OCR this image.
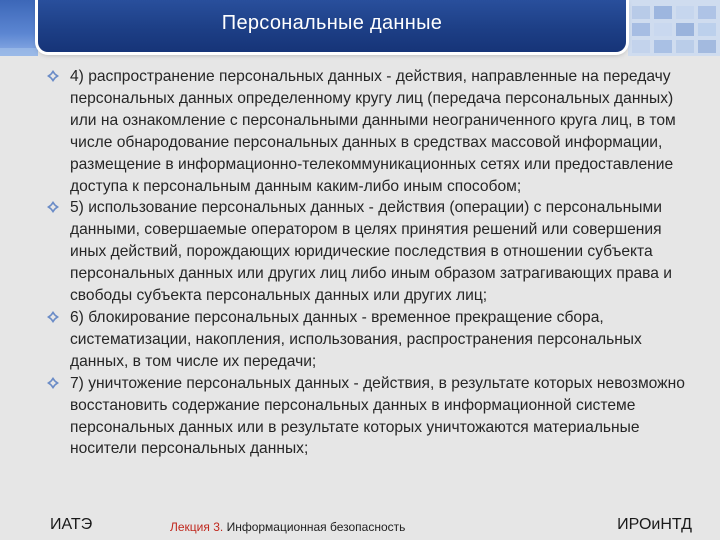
Персональные данные
4) распространение персональных данных - действия, направленные на передачу персональных данных определенному кругу лиц (передача персональных данных) или на ознакомление с персональными данными неограниченного круга лиц, в том числе обнародование персональных данных в средствах массовой информации, размещение в информационно-телекоммуникационных сетях или предоставление доступа к персональным данным каким-либо иным способом;
5) использование персональных данных - действия (операции) с персональными данными, совершаемые оператором в целях принятия решений или совершения иных действий, порождающих юридические последствия в отношении субъекта персональных данных или других лиц либо иным образом затрагивающих права и свободы субъекта персональных данных или других лиц;
6) блокирование персональных данных - временное прекращение сбора, систематизации, накопления, использования, распространения персональных данных, в том числе их передачи;
7) уничтожение персональных данных - действия, в результате которых невозможно восстановить содержание персональных данных в информационной системе персональных данных или в результате которых уничтожаются материальные носители персональных данных;
ИАТЭ	Лекция 3. Информационная безопасность	ИРОиНТД
